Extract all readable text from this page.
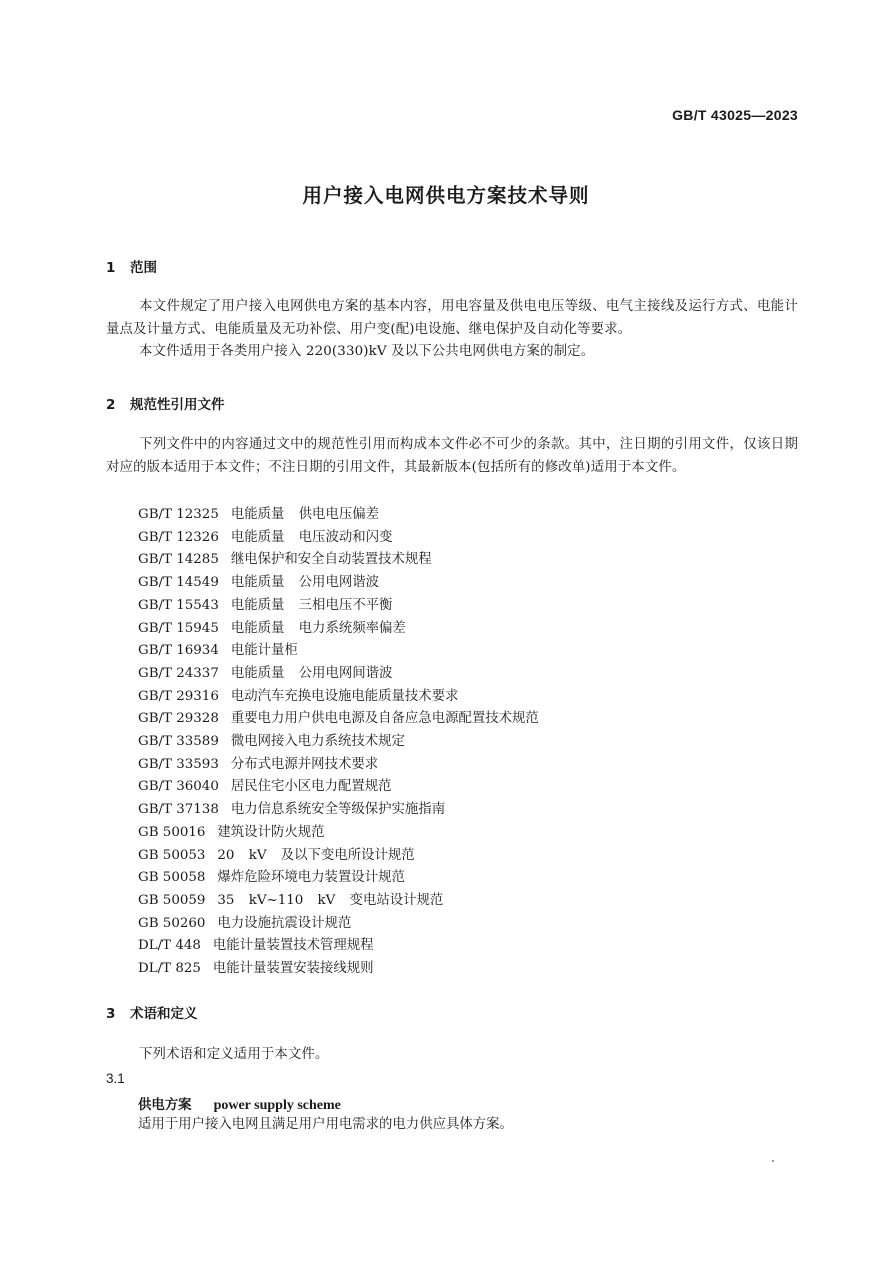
GB/T 43025—2023
用户接入电网供电方案技术导则
1 范围
本文件规定了用户接入电网供电方案的基本内容，用电容量及供电电压等级、电气主接线及运行方式、电能计量点及计量方式、电能质量及无功补偿、用户变(配)电设施、继电保护及自动化等要求。
本文件适用于各类用户接入 220(330)kV 及以下公共电网供电方案的制定。
2 规范性引用文件
下列文件中的内容通过文中的规范性引用而构成本文件必不可少的条款。其中，注日期的引用文件，仅该日期对应的版本适用于本文件；不注日期的引用文件，其最新版本(包括所有的修改单)适用于本文件。
GB/T 12325 电能质量 供电电压偏差
GB/T 12326 电能质量 电压波动和闪变
GB/T 14285 继电保护和安全自动装置技术规程
GB/T 14549 电能质量 公用电网谐波
GB/T 15543 电能质量 三相电压不平衡
GB/T 15945 电能质量 电力系统频率偏差
GB/T 16934 电能计量柜
GB/T 24337 电能质量 公用电网间谐波
GB/T 29316 电动汽车充换电设施电能质量技术要求
GB/T 29328 重要电力用户供电电源及自备应急电源配置技术规范
GB/T 33589 微电网接入电力系统技术规定
GB/T 33593 分布式电源并网技术要求
GB/T 36040 居民住宅小区电力配置规范
GB/T 37138 电力信息系统安全等级保护实施指南
GB 50016 建筑设计防火规范
GB 50053 20 kV 及以下变电所设计规范
GB 50058 爆炸危险环境电力装置设计规范
GB 50059 35 kV~110 kV 变电站设计规范
GB 50260 电力设施抗震设计规范
DL/T 448 电能计量装置技术管理规程
DL/T 825 电能计量装置安装接线规则
3 术语和定义
下列术语和定义适用于本文件。
3.1
供电方案 power supply scheme
适用于用户接入电网且满足用户用电需求的电力供应具体方案。
